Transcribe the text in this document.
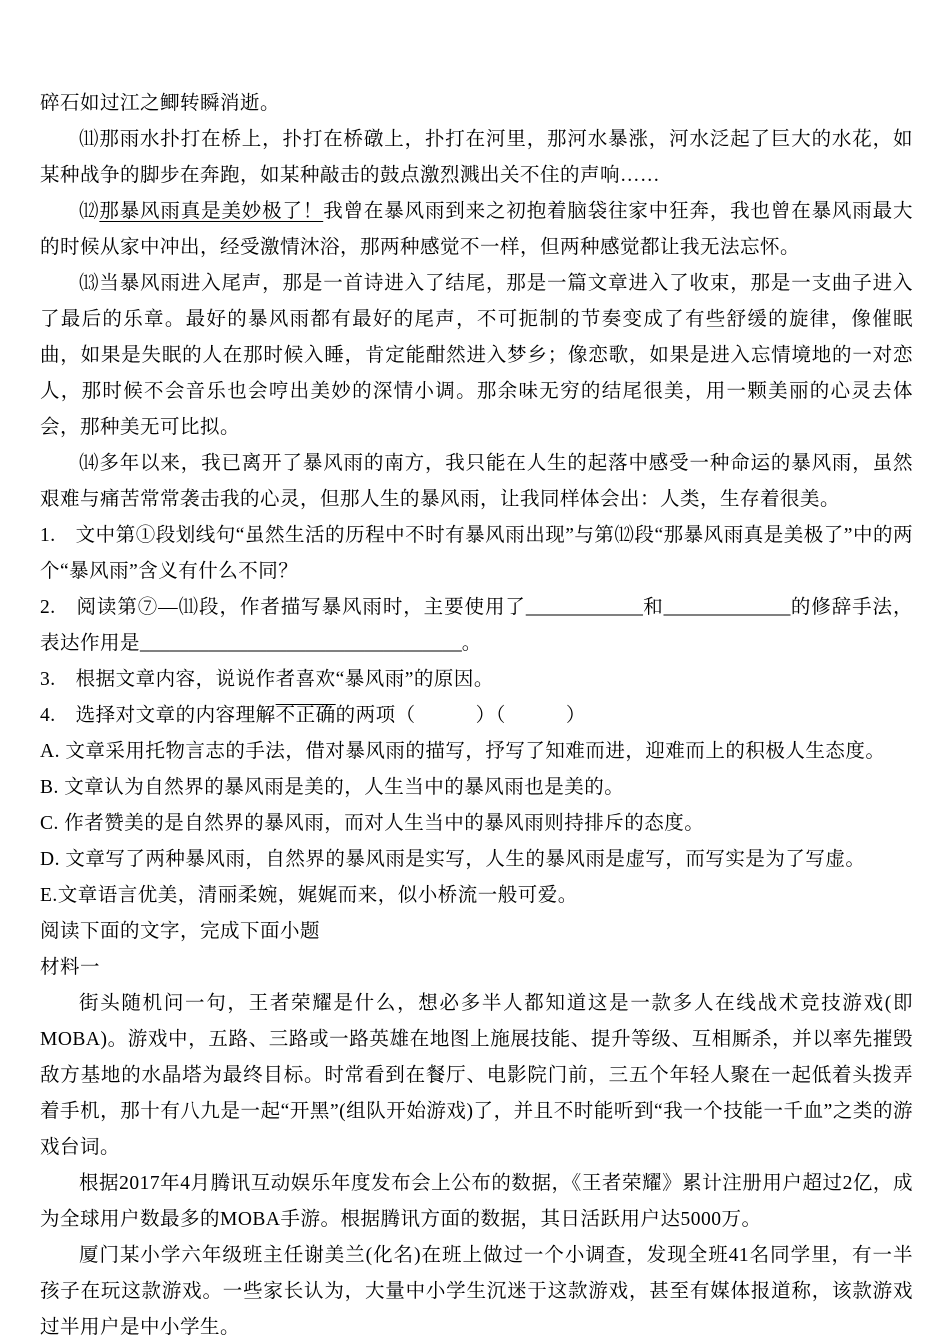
碎石如过江之鲫转瞬消逝。

⑾那雨水扑打在桥上，扑打在桥礅上，扑打在河里，那河水暴涨，河水泛起了巨大的水花，如某种战争的脚步在奔跑，如某种敲击的鼓点激烈溅出关不住的声响……

⑿那暴风雨真是美妙极了！我曾在暴风雨到来之初抱着脑袋往家中狂奔，我也曾在暴风雨最大的时候从家中冲出，经受激情沐浴，那两种感觉不一样，但两种感觉都让我无法忘怀。

⒀当暴风雨进入尾声，那是一首诗进入了结尾，那是一篇文章进入了收束，那是一支曲子进入了最后的乐章。最好的暴风雨都有最好的尾声，不可扼制的节奏变成了有些舒缓的旋律，像催眠曲，如果是失眠的人在那时候入睡，肯定能酣然进入梦乡；像恋歌，如果是进入忘情境地的一对恋人，那时候不会音乐也会哼出美妙的深情小调。那余味无穷的结尾很美，用一颗美丽的心灵去体会，那种美无可比拟。

⒁多年以来，我已离开了暴风雨的南方，我只能在人生的起落中感受一种命运的暴风雨，虽然艰难与痛苦常常袭击我的心灵，但那人生的暴风雨，让我同样体会出：人类，生存着很美。

1.　文中第①段划线句“虽然生活的历程中不时有暴风雨出现”与第⑿段“那暴风雨真是美极了”中的两个“暴风雨”含义有什么不同？

2.　阅读第⑦—⑾段，作者描写暴风雨时，主要使用了____________和_____________的修辞手法，表达作用是_________________________________。

3.　根据文章内容，说说作者喜欢“暴风雨”的原因。

4.　选择对文章的内容理解不正确的两项（　　　）（　　　）

A. 文章采用托物言志的手法，借对暴风雨的描写，抒写了知难而进，迎难而上的积极人生态度。

B. 文章认为自然界的暴风雨是美的，人生当中的暴风雨也是美的。

C. 作者赞美的是自然界的暴风雨，而对人生当中的暴风雨则持排斥的态度。

D. 文章写了两种暴风雨，自然界的暴风雨是实写，人生的暴风雨是虚写，而写实是为了写虚。

E.文章语言优美，清丽柔婉，娓娓而来，似小桥流一般可爱。

阅读下面的文字，完成下面小题

材料一

街头随机问一句，王者荣耀是什么，想必多半人都知道这是一款多人在线战术竞技游戏(即MOBA)。游戏中，五路、三路或一路英雄在地图上施展技能、提升等级、互相厮杀，并以率先摧毁敌方基地的水晶塔为最终目标。时常看到在餐厅、电影院门前，三五个年轻人聚在一起低着头拨弄着手机，那十有八九是一起“开黑”(组队开始游戏)了，并且不时能听到“我一个技能一千血”之类的游戏台词。

根据2017年4月腾讯互动娱乐年度发布会上公布的数据，《王者荣耀》累计注册用户超过2亿，成为全球用户数最多的MOBA手游。根据腾讯方面的数据，其日活跃用户达5000万。

厦门某小学六年级班主任谢美兰(化名)在班上做过一个小调查，发现全班41名同学里，有一半孩子在玩这款游戏。一些家长认为，大量中小学生沉迷于这款游戏，甚至有媒体报道称，该款游戏过半用户是中小学生。
